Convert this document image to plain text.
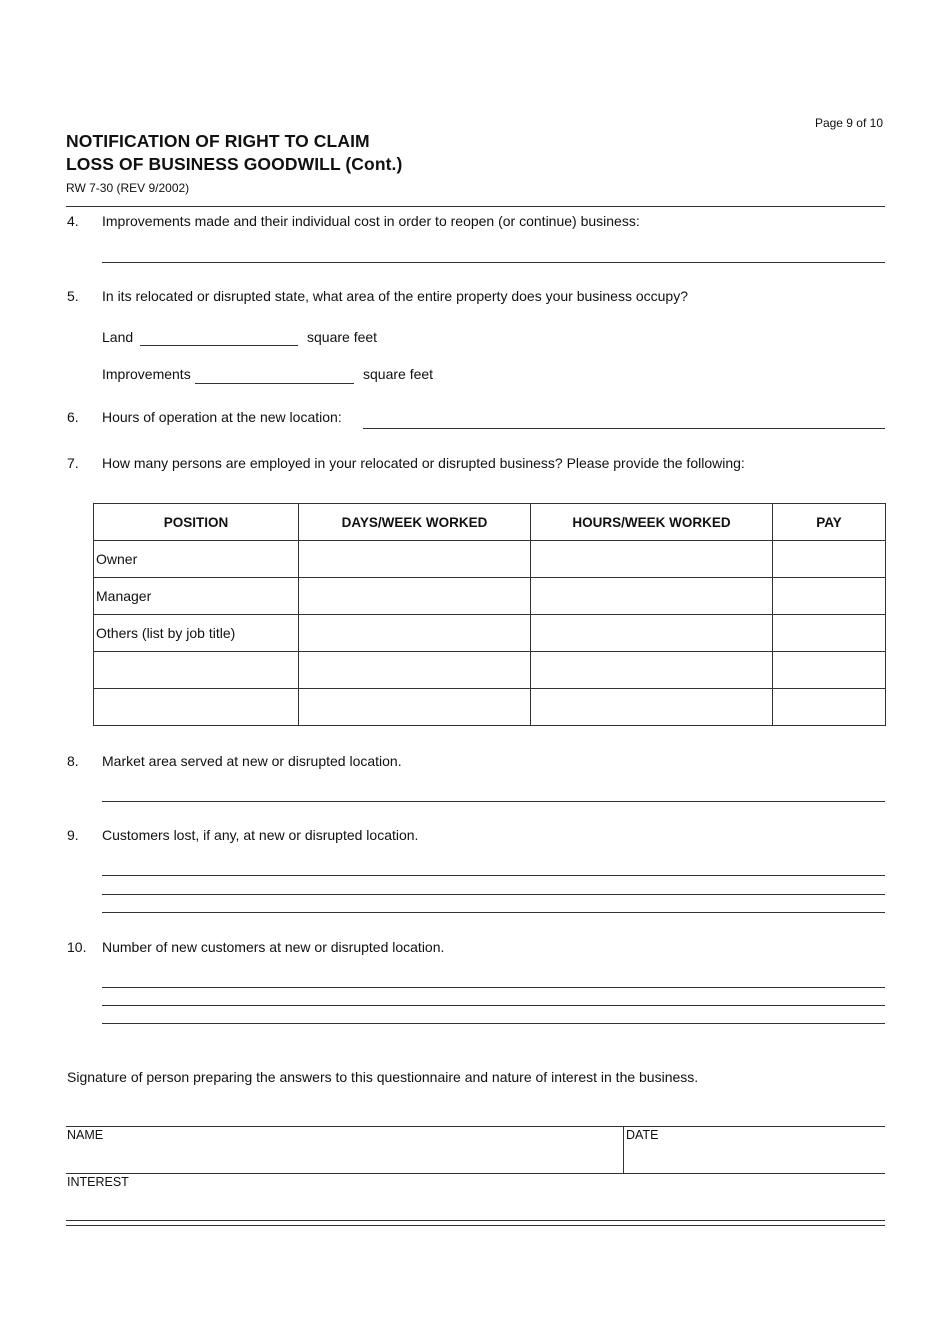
Page 9 of 10
NOTIFICATION OF RIGHT TO CLAIM
LOSS OF BUSINESS GOODWILL (Cont.)
RW 7-30 (REV 9/2002)
4. Improvements made and their individual cost in order to reopen (or continue) business:
5. In its relocated or disrupted state, what area of the entire property does your business occupy?
Land	square feet
Improvements	square feet
6. Hours of operation at the new location:
7. How many persons are employed in your relocated or disrupted business? Please provide the following:
POSITION	DAYS/WEEK WORKED	HOURS/WEEK WORKED	PAY
Owner			
Manager			
Others (list by job title)			

8. Market area served at new or disrupted location.
9. Customers lost, if any, at new or disrupted location.
10. Number of new customers at new or disrupted location.
Signature of person preparing the answers to this questionnaire and nature of interest in the business.
NAME	DATE
INTEREST
